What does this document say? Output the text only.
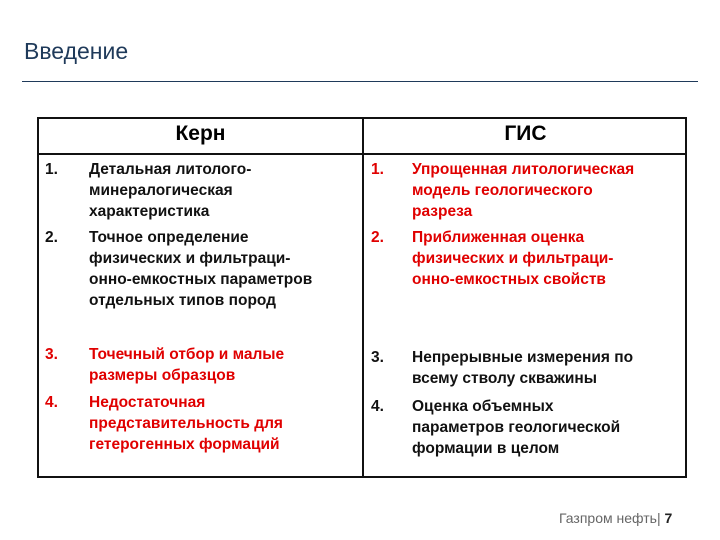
Введение
Керн	ГИС
1. Детальная литолого-
минералогическая
характеристика
2. Точное определение
физических и фильтраци-
онно-емкостных параметров
отдельных типов пород
3. Точечный отбор и малые
размеры образцов
4. Недостаточная
представительность для
гетерогенных формаций
1. Упрощенная литологическая
модель геологического
разреза
2. Приближенная оценка
физических и фильтраци-
онно-емкостных свойств
3. Непрерывные измерения по
всему стволу скважины
4. Оценка объемных
параметров геологической
формации в целом
Газпром нефть| 7
